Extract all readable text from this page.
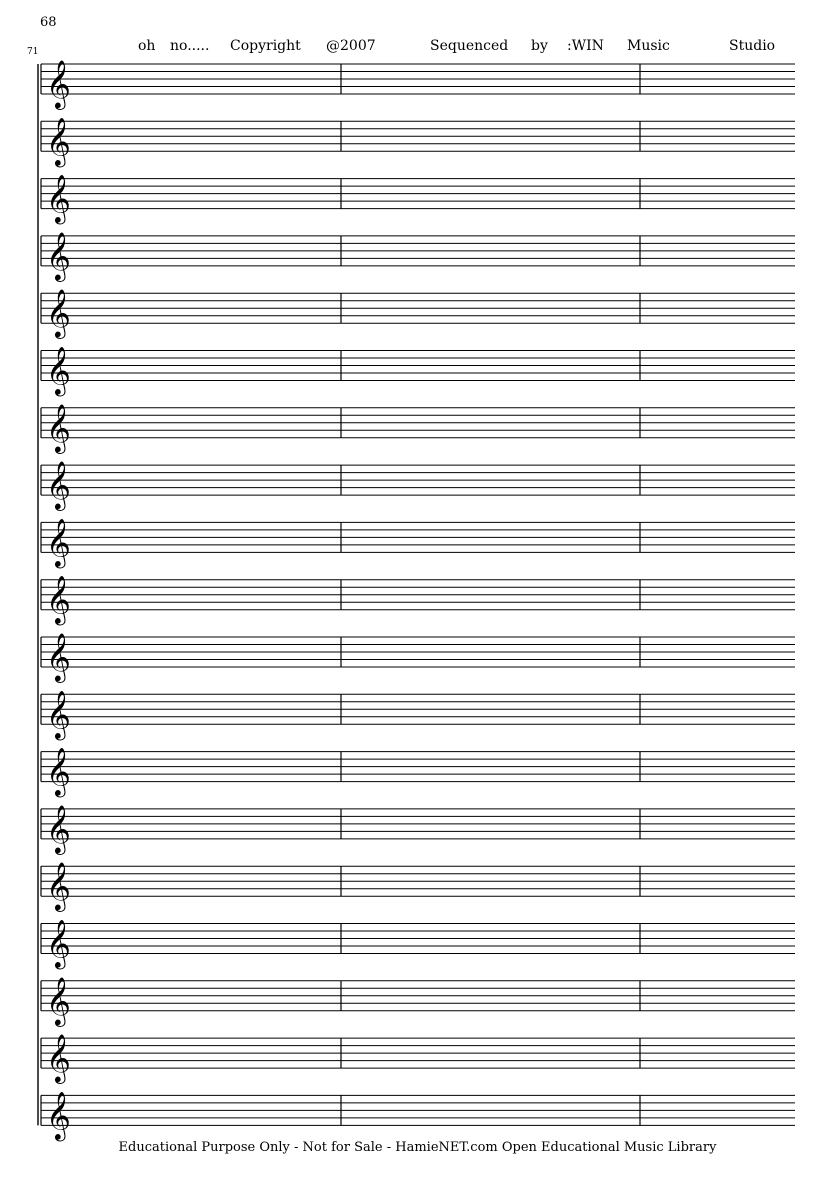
68
71	oh no..... Copyright @2007	Sequenced by :WIN Music	Studio
𝄞
𝄞
𝄞
𝄞
𝄞
𝄞
𝄞
𝄞
𝄞
𝄞
𝄞
𝄞
𝄞
𝄞
𝄞
𝄞
𝄞
𝄞
𝄞
Educational Purpose Only - Not for Sale - HamieNET.com Open Educational Music Library
